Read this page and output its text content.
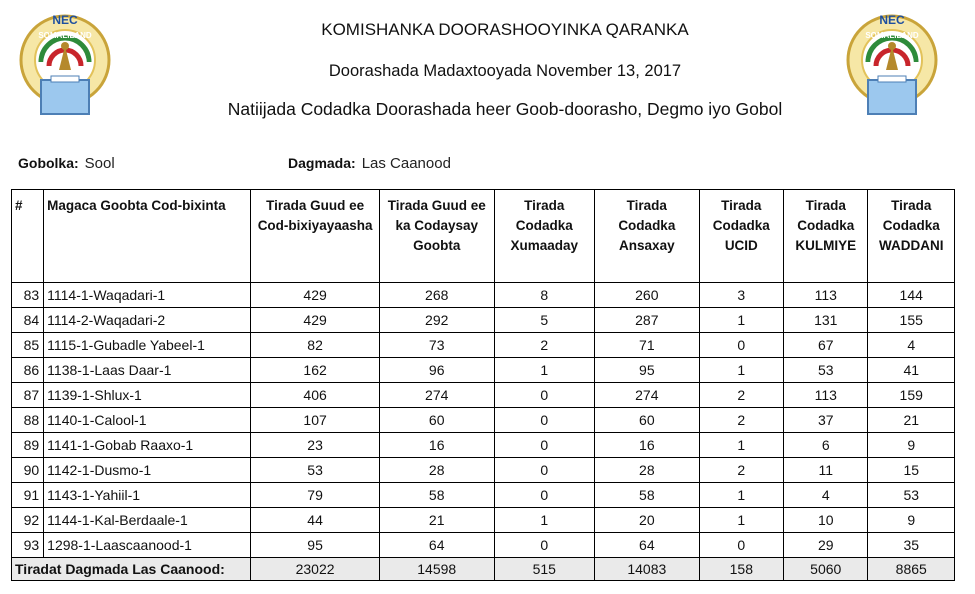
NEC
SOMALILAND
NEC
SOMALILAND
KOMISHANKA DOORASHOOYINKA QARANKA
Doorashada Madaxtooyada November 13, 2017
Natiijada Codadka Doorashada heer Goob-doorasho, Degmo iyo Gobol
Gobolka: Sool	Dagmada: Las Caanood
#	Magaca Goobta Cod-bixinta	Tirada Guud ee Cod-bixiyayaasha	Tirada Guud ee ka Codaysay Goobta	Tirada Codadka Xumaaday	Tirada Codadka Ansaxay	Tirada Codadka UCID	Tirada Codadka KULMIYE	Tirada Codadka WADDANI
83	1114-1-Waqadari-1	429	268	8	260	3	113	144
84	1114-2-Waqadari-2	429	292	5	287	1	131	155
85	1115-1-Gubadle Yabeel-1	82	73	2	71	0	67	4
86	1138-1-Laas Daar-1	162	96	1	95	1	53	41
87	1139-1-Shlux-1	406	274	0	274	2	113	159
88	1140-1-Calool-1	107	60	0	60	2	37	21
89	1141-1-Gobab Raaxo-1	23	16	0	16	1	6	9
90	1142-1-Dusmo-1	53	28	0	28	2	11	15
91	1143-1-Yahiil-1	79	58	0	58	1	4	53
92	1144-1-Kal-Berdaale-1	44	21	1	20	1	10	9
93	1298-1-Laascaanood-1	95	64	0	64	0	29	35
Tiradat Dagmada Las Caanood:		23022	14598	515	14083	158	5060	8865
